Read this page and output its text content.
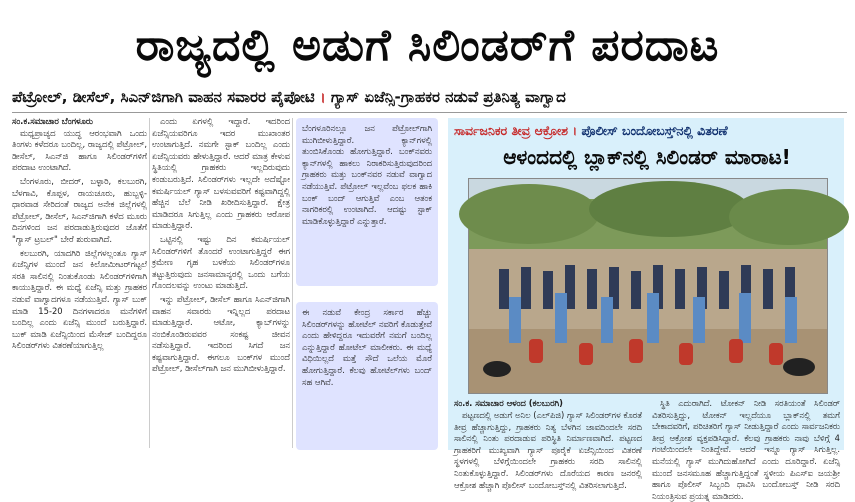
ರಾಜ್ಯದಲ್ಲಿ ಅಡುಗೆ ಸಿಲಿಂಡರ್‌ಗೆ ಪರದಾಟ
ಪೆಟ್ರೋಲ್, ಡೀಸೆಲ್, ಸಿಎನ್‌ಜಿಗಾಗಿ ವಾಹನ ಸವಾರರ ಪೈಪೋಟಿ । ಗ್ಯಾಸ್ ಏಜೆನ್ಸಿ-ಗ್ರಾಹಕರ ನಡುವೆ ಪ್ರತಿನಿತ್ಯ ವಾಗ್ವಾದ
ಸಂ.ಕ.ಸಮಾಚಾರ ಬೆಂಗಳೂರು

ಮಧ್ಯಪ್ರಾಚ್ಯದ ಯುದ್ಧ ಆರಂಭವಾಗಿ ಒಂದು ತಿಂಗಳು ಕಳೆದರೂ ಬಂದಿಲ್ಲ, ರಾಜ್ಯದಲ್ಲಿ ಪೆಟ್ರೋಲ್, ಡೀಸೆಲ್, ಸಿಎನ್‌ಜಿ ಹಾಗೂ ಸಿಲಿಂಡರ್‌ಗಳಿಗೆ ಪರದಾಟ ಉಂಟಾಗಿದೆ.

ಬೆಂಗಳೂರು, ಬೀದರ್, ಬಳ್ಳಾರಿ, ಕಲಬುರಗಿ, ಬೆಳಗಾವಿ, ಕೊಪ್ಪಳ, ರಾಯಚೂರು, ಹುಬ್ಬಳ್ಳಿ-ಧಾರವಾಡ ಸೇರಿದಂತೆ ರಾಜ್ಯದ ಅನೇಕ ಜಿಲ್ಲೆಗಳಲ್ಲಿ ಪೆಟ್ರೋಲ್, ಡೀಸೆಲ್, ಸಿಎನ್‌ಜಿಗಾಗಿ ಕಳೆದ ಮೂರು ದಿನಗಳಿಂದ ಜನ ಪರದಾಡುತ್ತಿರುವುದರ ಜೊತೆಗೆ "ಗ್ಯಾಸ್ ಟ್ರಬಲ್" ಬೇರೆ ಶುರುವಾಗಿದೆ.

ಕಲಬುರಗಿ, ಯಾದಗಿರಿ ಜಿಲ್ಲೆಗಳಲ್ಲಂತೂ ಗ್ಯಾಸ್ ಏಜೆನ್ಸಿಗಳ ಮುಂದೆ ಜನ ಕಿಲೋಮೀಟರ್‌ಗಟ್ಟಲೆ ಸರತಿ ಸಾಲಿನಲ್ಲಿ ನಿಂತುಕೊಂಡು ಸಿಲಿಂಡರ್‌ಗಳಿಗಾಗಿ ಕಾಯುತ್ತಿದ್ದಾರೆ. ಈ ಮಧ್ಯೆ ಏಜೆನ್ಸಿ ಮತ್ತು ಗ್ರಾಹಕರ ನಡುವೆ ವಾಗ್ವಾದಗಳೂ ನಡೆಯುತ್ತಿವೆ. ಗ್ಯಾಸ್ ಬುಕ್ ಮಾಡಿ 15-20 ದಿನಗಳಾದರೂ ಮನೆಗಳಿಗೆ ಬಂದಿಲ್ಲ ಎಂದು ಏಜೆನ್ಸಿ ಮುಂದೆ ಬರುತ್ತಿದ್ದಾರೆ. ಬುಕ್ ಮಾಡಿ ಏಜೆನ್ಸಿಯಿಂದ ಮೆಸೇಜ್ ಬಂದಿದ್ದರೂ ಸಿಲಿಂಡರ್‌ಗಳು ವಿತರಣೆಯಾಗುತ್ತಿಲ್ಲ

ಎಂದು ಏಗಳಲ್ಲಿ ಇದ್ದಾರೆ. ಇದರಿಂದ ಏಜೆನ್ಸಿಯವರಿಗೂ ಇದರ ಮುಖಾಂತರ ಉಂಟಾಗುತ್ತಿದೆ. ನಮಗೇ ಸ್ಟಾಕ್ ಬಂದಿಲ್ಲ ಎಂದು ಏಜೆನ್ಸಿಯವರು ಹೇಳುತ್ತಿದ್ದಾರೆ. ಆದರೆ ಮಾತ್ರ ಕೇಳುವ ಸ್ಥಿತಿಯಲ್ಲಿ ಗ್ರಾಹಕರು ಇಲ್ಲದಿರುವುದು ಕಂಡುಬರುತ್ತಿದೆ. ಸಿಲಿಂಡರ್‌ಗಳು ಇಲ್ಲದೇ ಅದೆಷ್ಟೋ ಕಮರ್ಷಿಯಲ್ ಗ್ಯಾಸ್ ಬಳಸುವವರಿಗೆ ಕಷ್ಟವಾಗಿದ್ದಲ್ಲಿ ಹೆಚ್ಚಿನ ಬೆಲೆ ನೀಡಿ ಖರೀದಿಸುತ್ತಿದ್ದಾರೆ. ಕ್ಷೇತ್ರ ಮಾಡಿದರೂ ಸಿಗುತ್ತಿಲ್ಲ ಎಂದು ಗ್ರಾಹಕರು ಆರೋಪ ಮಾಡುತ್ತಿದ್ದಾರೆ.

ಒಟ್ಟಿನಲ್ಲಿ ಇಷ್ಟು ದಿನ ಕಮರ್ಷಿಯಲ್ ಸಿಲಿಂಡರ್‌ಗಳಿಗೆ ತೊಂದರೆ ಉಂಟಾಗುತ್ತಿದ್ದರೆ ಈಗ ಕ್ರಮೇಣ ಗೃಹ ಬಳಕೆಯ ಸಿಲಿಂಡರ್‌ಗಳೂ ತಟ್ಟುತ್ತಿರುವುದು ಜನಸಾಮಾನ್ಯರಲ್ಲಿ ಒಂದು ಬಗೆಯ ಗೊಂದಲವನ್ನು ಉಂಟು ಮಾಡುತ್ತಿದೆ.

ಇನ್ನು ಪೆಟ್ರೋಲ್, ಡೀಸೆಲ್ ಹಾಗೂ ಸಿಎನ್‌ಜಿಗಾಗಿ ವಾಹನ ಸವಾರರು ಇನ್ನಿಲ್ಲದ ಪರದಾಟ ಮಾಡುತ್ತಿದ್ದಾರೆ. ಆಟೋ, ಕ್ಯಾಬ್‌ಗಳನ್ನು ನಂಬಿಕೊಂಡಿರುವವರ ಸಂಕಷ್ಟ ಜೀವನ ನಡೆಸುತ್ತಿದ್ದಾರೆ. ಇದರಿಂದ ಸಿಗದೆ ಜನ ಕಷ್ಟವಾಗುತ್ತಿದ್ದಾರೆ. ಈಗಲೂ ಬಂಕ್‌ಗಳ ಮುಂದೆ ಪೆಟ್ರೋಲ್, ಡೀಸೆಲ್‌ಗಾಗಿ ಜನ ಮುಗಿಬೀಳುತ್ತಿದ್ದಾರೆ.

ಬೆಂಗಳೂರಿನಲ್ಲೂ ಜನ ಪೆಟ್ರೋಲ್‌ಗಾಗಿ ಮುಗಿಬೀಳುತ್ತಿದ್ದಾರೆ. ಕ್ಯಾನ್‌ಗಳಲ್ಲಿ ತುಂಬಿಸಿಕೊಂಡು ಹೋಗುತ್ತಿದ್ದಾರೆ. ಬಂಕ್‌ನವರು ಕ್ಯಾನ್‌ಗಳಲ್ಲಿ ಹಾಕಲು ನಿರಾಕರಿಸುತ್ತಿರುವುದರಿಂದ ಗ್ರಾಹಕರು ಮತ್ತು ಬಂಕ್‌ನವರ ನಡುವೆ ವಾಗ್ವಾದ ನಡೆಯುತ್ತಿವೆ. ಪೆಟ್ರೋಲ್ ಇಲ್ಲವೆಂಬ ಫಲಕ ಹಾಕಿ ಬಂಕ್ ಬಂದ್ ಆಗುತ್ತಿವೆ ಎಂಬ ಆತಂಕ ನಾಗರಿಕರಲ್ಲಿ ಉಂಟಾಗಿದೆ. ಆದಷ್ಟು ಸ್ಟಾಕ್ ಮಾಡಿಕೊಳ್ಳುತ್ತಿದ್ದಾರೆ ಎನ್ನುತ್ತಾರೆ.
ಈ ನಡುವೆ ಕೇಂದ್ರ ಸರ್ಕಾರ ಹೆಚ್ಚು ಸಿಲಿಂಡರ್‌ಗಳನ್ನು ಹೋಟೆಲ್ ನವರಿಗೆ ಕೊಡುತ್ತೇವೆ ಎಂದು ಹೇಳಿದ್ದರೂ ಇದುವರೆಗೆ ನಮಗೆ ಬಂದಿಲ್ಲ ಎನ್ನುತ್ತಿದ್ದಾರೆ ಹೋಟೆಲ್ ಮಾಲೀಕರು. ಈ ಮಧ್ಯೆ ವಿಧಿಯಿಲ್ಲದೆ ಮತ್ತೆ ಸೌದೆ ಒಲೆಯ ಮೊರೆ ಹೋಗುತ್ತಿದ್ದಾರೆ. ಕೆಲವು ಹೋಟೆಲ್‌ಗಳು ಬಂದ್ ಸಹ ಆಗಿವೆ.
ಸಾರ್ವಜನಿಕರ ತೀವ್ರ ಆಕ್ರೋಶ । ಪೊಲೀಸ್ ಬಂದೋಬಸ್ತ್‌ನಲ್ಲಿ ವಿತರಣೆ
ಆಳಂದದಲ್ಲಿ ಬ್ಲಾಕ್‌ನಲ್ಲಿ ಸಿಲಿಂಡರ್ ಮಾರಾಟ!
ಸಂ.ಕ. ಸಮಾಚಾರ ಆಳಂದ (ಕಲಬುರಗಿ)

ಪಟ್ಟಣದಲ್ಲಿ ಅಡುಗೆ ಅನಿಲ (ಎಲ್‌ಪಿಜಿ) ಗ್ಯಾಸ್ ಸಿಲಿಂಡರ್‌ಗಳ ಕೊರತೆ ತೀವ್ರ ಹೆಚ್ಚಾಗುತ್ತಿದ್ದು, ಗ್ರಾಹಕರು ನಿತ್ಯ ಬೆಳಗಿನ ಜಾವದಿಂದಲೇ ಸರದಿ ಸಾಲಿನಲ್ಲಿ ನಿಂತು ಪರದಾಡುವ ಪರಿಸ್ಥಿತಿ ನಿರ್ಮಾಣವಾಗಿದೆ. ಪಟ್ಟಣದ ಗ್ರಾಹಕರಿಗೆ ಮುಖ್ಯವಾಗಿ ಗ್ಯಾಸ್ ಪೂರೈಕೆ ಏಜೆನ್ಸಿಯಿಂದ ವಿತರಣೆ ಸ್ಥಳಗಳಲ್ಲಿ ಬೆಳಿಗ್ಗೆಯಿಂದಲೇ ಗ್ರಾಹಕರು ಸರದಿ ಸಾಲಿನಲ್ಲಿ ನಿಂತುಕೊಳ್ಳುತ್ತಿದ್ದಾರೆ. ಸಿಲಿಂಡರ್‌ಗಳು ದೊರೆಯದ ಕಾರಣ ಜನರಲ್ಲಿ ಆಕ್ರೋಶ ಹೆಚ್ಚಾಗಿ ಪೊಲೀಸ್ ಬಂದೋಬಸ್ತ್‌ನಲ್ಲಿ ವಿತರಿಸಲಾಗುತ್ತಿದೆ.

ಸ್ಥಿತಿ ಎದುರಾಗಿದೆ. ಟೋಕನ್ ನೀಡಿ ಸರತಿಯಂತೆ ಸಿಲಿಂಡರ್ ವಿತರಿಸುತ್ತಿದ್ದು, ಟೋಕನ್ ಇಲ್ಲದೆಯೂ ಬ್ಲಾಕ್‌ನಲ್ಲಿ ತಮಗೆ ಬೇಕಾದವರಿಗೆ, ಪರಿಚಿತರಿಗೆ ಗ್ಯಾಸ್ ನೀಡುತ್ತಿದ್ದಾರೆ ಎಂದು ಸಾರ್ವಜನಿಕರು ತೀವ್ರ ಆಕ್ರೋಶ ವ್ಯಕ್ತಪಡಿಸಿದ್ದಾರೆ. ಕೆಲವು ಗ್ರಾಹಕರು ನಾವು ಬೆಳಿಗ್ಗೆ 4 ಗಂಟೆಯಿಂದಲೇ ನಿಂತಿದ್ದೇವೆ. ಆದರೆ ಇನ್ನೂ ಗ್ಯಾಸ್ ಸಿಗುತ್ತಿಲ್ಲ. ಮನೆಯಲ್ಲಿ ಗ್ಯಾಸ್ ಮುಗಿದುಹೋಗಿದೆ ಎಂದು ದೂರಿದ್ದಾರೆ. ಏಜೆನ್ಸಿ ಮುಂದೆ ಜನಸಮೂಹ ಹೆಚ್ಚಾಗುತ್ತಿದ್ದಂತೆ ಸ್ಥಳೀಯ ಪಿಎಸ್‌ಐ ಜಯಶ್ರೀ ಹಾಗೂ ಪೊಲೀಸ್ ಸಿಬ್ಬಂದಿ ಧಾವಿಸಿ ಬಂದೋಬಸ್ತ್ ನೀಡಿ ಸರದಿ ನಿಯಂತ್ರಿಸುವ ಪ್ರಯತ್ನ ಮಾಡಿದರು.
